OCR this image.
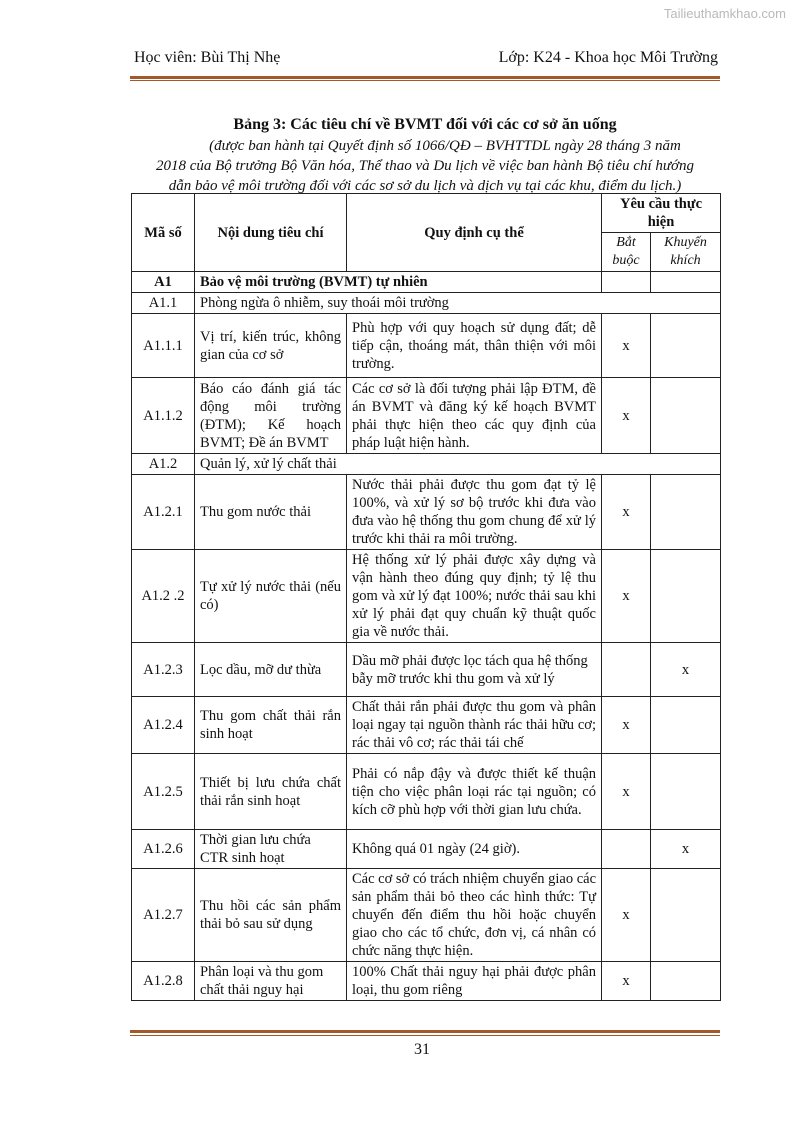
Tailieuthamkhao.com
Học viên: Bùi Thị Nhẹ	Lớp: K24 - Khoa học Môi Trường
Bảng 3: Các tiêu chí về BVMT đối với các cơ sở ăn uống
(được ban hành tại Quyết định số 1066/QĐ – BVHTTDL ngày 28 tháng 3 năm
2018 của Bộ trưởng Bộ Văn hóa, Thể thao và Du lịch về việc ban hành Bộ tiêu chí hướng
dẫn bảo vệ môi trường đối với các sơ sở du lịch và dịch vụ tại các khu, điểm du lịch.)
Mã số	Nội dung tiêu chí	Quy định cụ thể	Yêu cầu thực hiện	
			Bắt buộc	Khuyến khích
A1	Bảo vệ môi trường (BVMT) tự nhiên			
A1.1	Phòng ngừa ô nhiễm, suy thoái môi trường			
A1.1.1	Vị trí, kiến trúc, không gian của cơ sở	Phù hợp với quy hoạch sử dụng đất; dễ tiếp cận, thoáng mát, thân thiện với môi trường.	x	
A1.1.2	Báo cáo đánh giá tác động môi trường (ĐTM); Kế hoạch BVMT; Đề án BVMT	Các cơ sở là đối tượng phải lập ĐTM, đề án BVMT và đăng ký kế hoạch BVMT phải thực hiện theo các quy định của pháp luật hiện hành.	x	
A1.2	Quản lý, xử lý chất thải			
A1.2.1	Thu gom nước thải	Nước thải phải được thu gom đạt tỷ lệ 100%, và xử lý sơ bộ trước khi đưa vào đưa vào hệ thống thu gom chung để xử lý trước khi thải ra môi trường.	x	
A1.2 .2	Tự xử lý nước thải (nếu có)	Hệ thống xử lý phải được xây dựng và vận hành theo đúng quy định; tỷ lệ thu gom và xử lý đạt 100%; nước thải sau khi xử lý phải đạt quy chuẩn kỹ thuật quốc gia về nước thải.	x	
A1.2.3	Lọc dầu, mỡ dư thừa	Dầu mỡ phải được lọc tách qua hệ thống bẫy mỡ trước khi thu gom và xử lý		x
A1.2.4	Thu gom chất thải rắn sinh hoạt	Chất thải rắn phải được thu gom và phân loại ngay tại nguồn thành rác thải hữu cơ; rác thải vô cơ; rác thải tái chế	x	
A1.2.5	Thiết bị lưu chứa chất thải rắn sinh hoạt	Phải có nắp đậy và được thiết kế thuận tiện cho việc phân loại rác tại nguồn; có kích cỡ phù hợp với thời gian lưu chứa.	x	
A1.2.6	Thời gian lưu chứa CTR sinh hoạt	Không quá 01 ngày (24 giờ).		x
A1.2.7	Thu hồi các sản phẩm thải bỏ sau sử dụng	Các cơ sở có trách nhiệm chuyển giao các sản phẩm thải bỏ theo các hình thức: Tự chuyển đến điểm thu hồi hoặc chuyển giao cho các tổ chức, đơn vị, cá nhân có chức năng thực hiện.	x	
A1.2.8	Phân loại và thu gom chất thải nguy hại	100% Chất thải nguy hại phải được phân loại, thu gom riêng	x	
31
